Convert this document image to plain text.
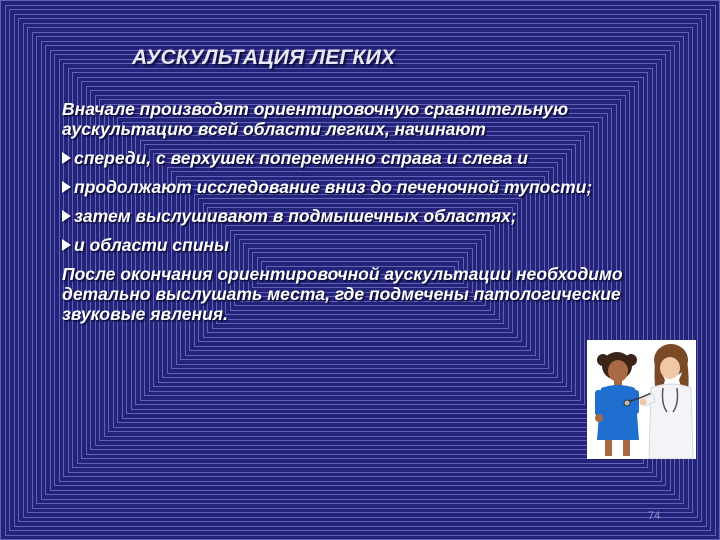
АУСКУЛЬТАЦИЯ ЛЕГКИХ

Вначале производят ориентировочную сравнительную аускультацию всей области легких, начинают

спереди, с верхушек попеременно справа и слева и

продолжают исследование вниз до печеночной тупости;

затем выслушивают в подмышечных областях;

и области спины

После окончания ориентировочной аускультации необходимо детально выслушать места, где подмечены патологические звуковые явления.

74
